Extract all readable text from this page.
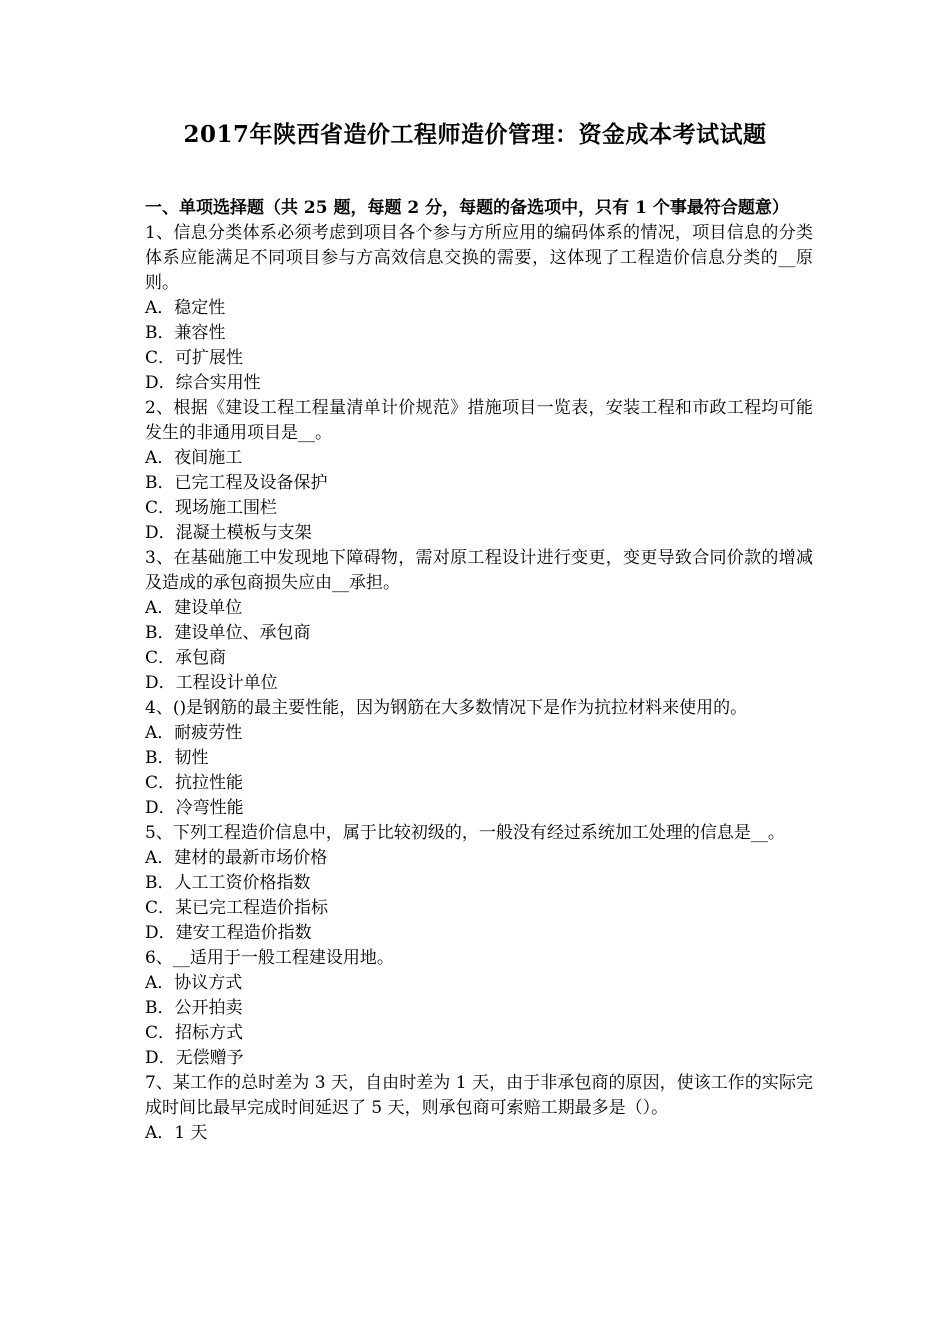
2017年陕西省造价工程师造价管理：资金成本考试试题
一、单项选择题（共 25 题，每题 2 分，每题的备选项中，只有 1 个事最符合题意）
1、信息分类体系必须考虑到项目各个参与方所应用的编码体系的情况，项目信息的分类体系应能满足不同项目参与方高效信息交换的需要，这体现了工程造价信息分类的__原则。
A．稳定性
B．兼容性
C．可扩展性
D．综合实用性
2、根据《建设工程工程量清单计价规范》措施项目一览表，安装工程和市政工程均可能发生的非通用项目是__。
A．夜间施工
B．已完工程及设备保护
C．现场施工围栏
D．混凝土模板与支架
3、在基础施工中发现地下障碍物，需对原工程设计进行变更，变更导致合同价款的增减及造成的承包商损失应由__承担。
A．建设单位
B．建设单位、承包商
C．承包商
D．工程设计单位
4、()是钢筋的最主要性能，因为钢筋在大多数情况下是作为抗拉材料来使用的。
A．耐疲劳性
B．韧性
C．抗拉性能
D．冷弯性能
5、下列工程造价信息中，属于比较初级的，一般没有经过系统加工处理的信息是__。
A．建材的最新市场价格
B．人工工资价格指数
C．某已完工程造价指标
D．建安工程造价指数
6、__适用于一般工程建设用地。
A．协议方式
B．公开拍卖
C．招标方式
D．无偿赠予
7、某工作的总时差为 3 天，自由时差为 1 天，由于非承包商的原因，使该工作的实际完成时间比最早完成时间延迟了 5 天，则承包商可索赔工期最多是（）。
A．1 天
